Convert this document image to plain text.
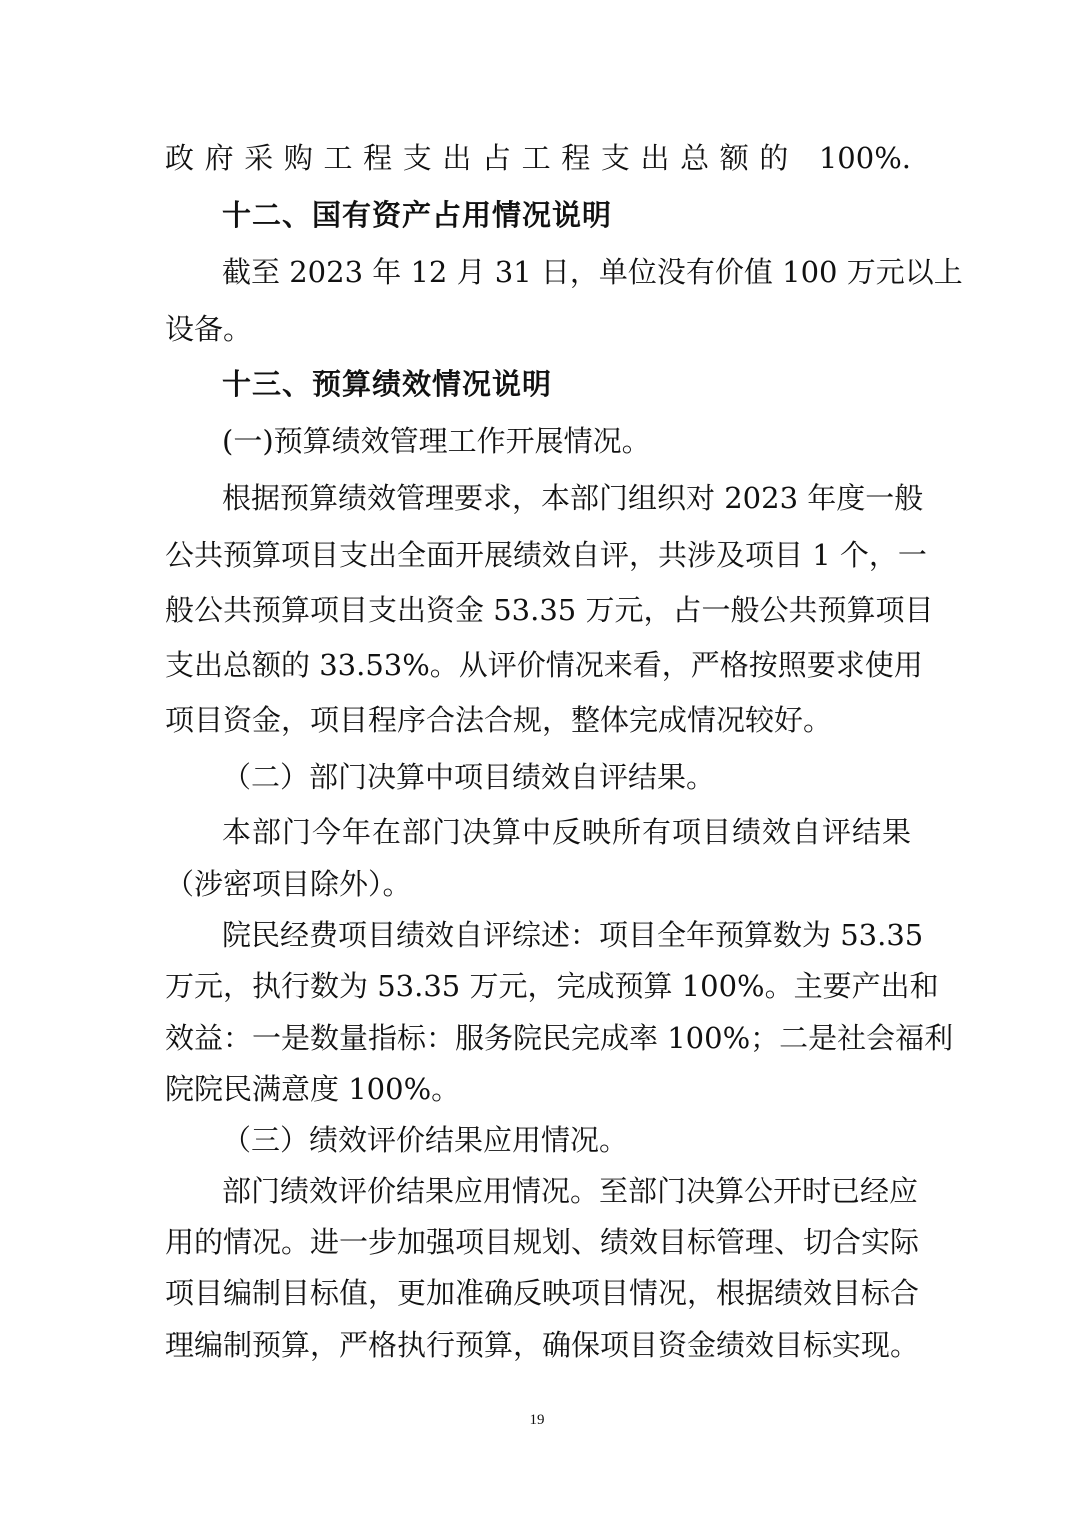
政府采购工程支出占工程支出总额的 100%.
十二、国有资产占用情况说明
截至 2023 年 12 月 31 日，单位没有价值 100 万元以上
设备。
十三、预算绩效情况说明
(一)预算绩效管理工作开展情况。
根据预算绩效管理要求，本部门组织对 2023 年度一般
公共预算项目支出全面开展绩效自评，共涉及项目 1 个，一
般公共预算项目支出资金 53.35 万元，占一般公共预算项目
支出总额的 33.53%。从评价情况来看，严格按照要求使用
项目资金，项目程序合法合规，整体完成情况较好。
（二）部门决算中项目绩效自评结果。
本部门今年在部门决算中反映所有项目绩效自评结果
（涉密项目除外）。
院民经费项目绩效自评综述：项目全年预算数为 53.35
万元，执行数为 53.35 万元，完成预算 100%。主要产出和
效益：一是数量指标：服务院民完成率 100%；二是社会福利
院院民满意度 100%。
（三）绩效评价结果应用情况。
部门绩效评价结果应用情况。至部门决算公开时已经应
用的情况。进一步加强项目规划、绩效目标管理、切合实际
项目编制目标值，更加准确反映项目情况，根据绩效目标合
理编制预算，严格执行预算，确保项目资金绩效目标实现。
19
